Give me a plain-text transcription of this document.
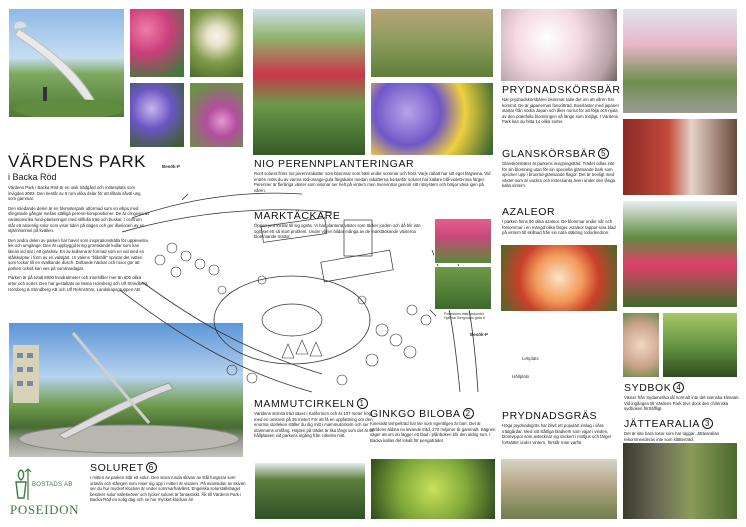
VÄRDENS PARK
i Backa Röd
Värdens Park i Backa Röd är en unik trädgård och mötesplats som invigdes 2003. Den består av 9 rum olika delar för att tilltala såväl ung som gammal.
Den inledande delen är en blomsterpark utformad som en ellips med slingrande gångar mellan ställiga perenn-kompositioner. De är omgivna av variationsrika fund-planteringar med stilfulla träd och buskar. I centrum står ett ansenlig solur som visar tiden på dagen och ger illusionen av en stjärnhimmel på kvällen.
Den andra delen av parken har havet som inspirationskälla för upplevelse, lek och umgänge. Den är uppbyggd kring grönskande kullar som kan liknas vid öar i ett gräshav. En av kullarna är formad som en val med en stålskulptur i form av en valstjärt. Ur valens "blåshål" sprutar det vatten som lockar till en svalkande dusch. Doftande häckar och rosor gör att parken också kan ses på sommardagar.
Parken är på totalt 8000 kvadratmeter och innehåller mer än 600 olika arter och sorter. Den har gestaltats av Mona Holmberg och Ulf Strindberg, Homberg & Strindberg AB och Ulf Rehnström, Landskapsgruppen AB.
BOSTADS AB
POSEIDON
SOLURET 6
I mitten av parken står ett solur. Den stora runda skivan av stål fungerar som urtavla och stången som reser sig upp i mitten är visaren. På ovansidan av skivan ser du hur mycket klockan är under sommarhalvåret. Engelska solurstallsbaget besöker solur vallekeöver och tycker soluret är fantastiskt. Åk till Värdens Park i Backa Röd en solig dag och se hur mycket klockan är!
NIO PERENNPLANTERINGAR
Runt soluret finns nio perennrabatter som blommar som bäst under sommar och höst. Varje rabatt har sitt eget färgtema. Vid entrén möts du av varma röd-orange-gula färgskalor medan rabatterna bortanför soluret har kallare blå-violett-rosa färger. Perenner är fleråriga växter som vissnar ner helt på vintern men övervintrar genom sitt rotsystem och börjar växa igen på våren.
Besök-P
Besök-P
Poseidons distriktskontor
Hjalmar Bergmans gata 6
Lekplats
Hållplats
MARKTÄCKARE
Öppen jord lockar till sig ogräs. Vi har planterat växter som täcker jorden och då blir inte ogräset ett så stort problem. Under våren bildar många av de marktäckande växterna blommande mattor.
MAMMUTCIRKELN 1
Världens största träd växer i Kalifornien och är 107 meter högt med en omkrets på 35 meter! För att få en uppfattning om den enorma storleken ställer du dig mitt i mammutcirkeln och ser stammens omfång. Höjden på trädet är lika långt som det är till hållplatsen vid parkens ingång från cirkelns mitt.
GINKGO BILOBA 2
Kinesiskt tempelträd har lite som egentligen är barr. Det är världens äldsta nu levande träd, 270 miljoner år gammalt. Sägnen säger att om du lägger ett blad i plånboken blir den aldrig tom. I Backa kallas det lokalt för pengaträdet.
PRYDNADSKÖRSBÄR
När prydnadskörsbären blommar talar det om att våren har kommit. De är japanernas favoritträd. Busslaster med japaner startar från södra Japan och åker norrut för att följa och njuta av den praktfulla blomningen så länge som möjligt. I Värdens Park kan du hitta 14 olika sorter.
GLANSKÖRSBÄR 5
Glanskörsbäret är parkens invigningsträd. Trädet odlas inte för sin blomning utan för sin speciella glänsande bark som spricker upp i brunröd-glänsande flagor. Det är trevligt med växter som är vackra och intressanta även under den långa kalla vintern.
AZALEOR
I parken finns 50 olika azaleor. De blommar under vår och försommar i en mängd olika färger. Azaleor tappar sina blad på vintern till skillnad från sin nära släkting rododendron.
PRYDNADSGRÄS
Höga prydnadsgräs har blivit ett populärt inslag i våra trädgårdar. Med sitt ståtliga bladverk som vajar i vinden, blomvippor som avtecknar sig vackert i motljus och färger fortsätter under vintern, förstår man varför.
SYDBOK 4
Växter från Sydamerika tål normalt inte det svenska klimatet. Vid ingången till Värdens Park trivs dock den chilenska sydboken förträffligt.
JÄTTEARALIA 3
Det är inte bara rosor som har taggar. Jättearalian rekommenderas inte som klätterträd.
